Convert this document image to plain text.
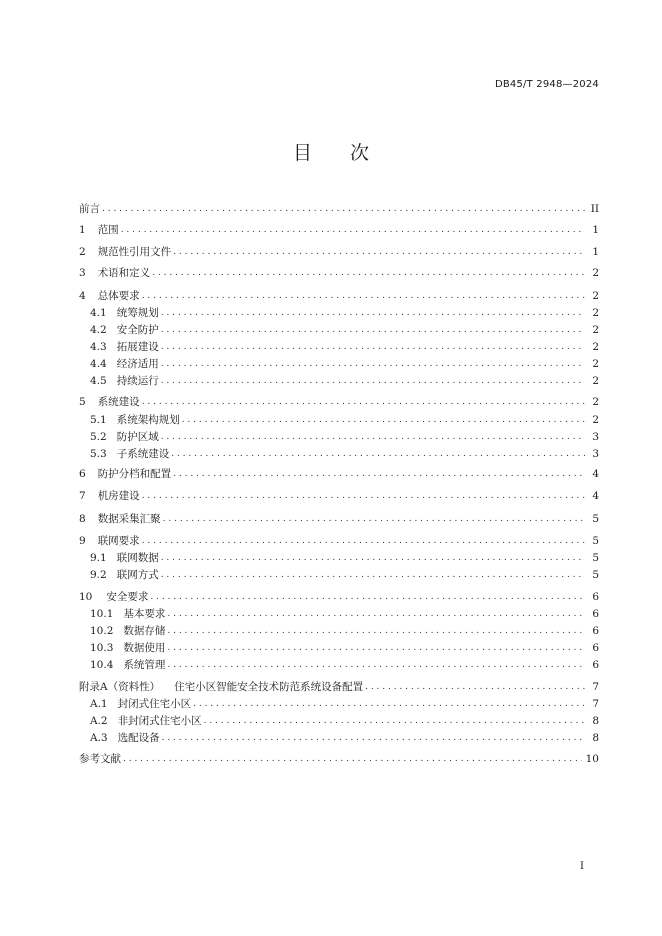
DB45/T 2948—2024
目　　次
前言 . . .	II
1 范围 . . .	1
2 规范性引用文件 . . .	1
3 术语和定义 . . .	2
4 总体要求 . . .	2
4.1 统筹规划 . . .	2
4.2 安全防护 . . .	2
4.3 拓展建设 . . .	2
4.4 经济适用 . . .	2
4.5 持续运行 . . .	2
5 系统建设 . . .	2
5.1 系统架构规划 . . .	2
5.2 防护区域 . . .	3
5.3 子系统建设 . . .	3
6 防护分档和配置 . . .	4
7 机房建设 . . .	4
8 数据采集汇聚 . . .	5
9 联网要求 . . .	5
9.1 联网数据 . . .	5
9.2 联网方式 . . .	5
10 安全要求 . . .	6
10.1 基本要求 . . .	6
10.2 数据存储 . . .	6
10.3 数据使用 . . .	6
10.4 系统管理 . . .	6
附录A（资料性） 住宅小区智能安全技术防范系统设备配置 . . .	7
A.1 封闭式住宅小区 . . .	7
A.2 非封闭式住宅小区 . . .	8
A.3 选配设备 . . .	8
参考文献 . . .	10
I
